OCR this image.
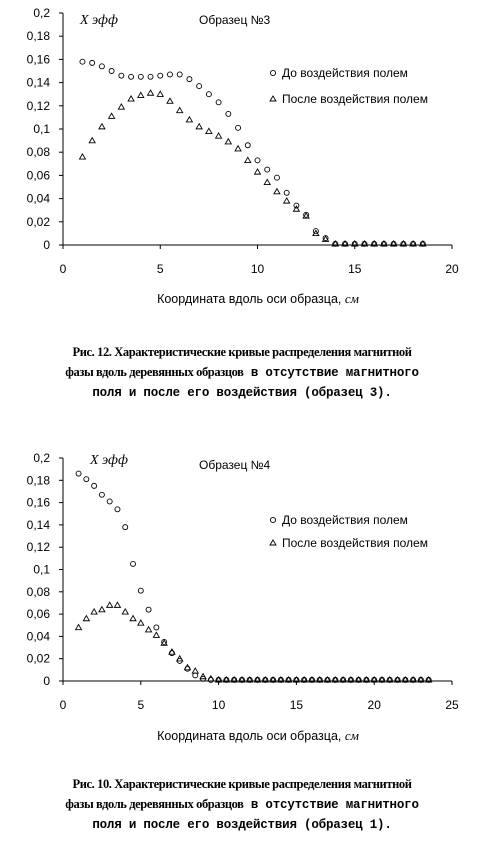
Х эфф	Образец №3
До воздействия полем
После воздействия полем
Координата вдоль оси образца, см
0
0,02
0,04
0,06
0,08
0,1
0,12
0,14
0,16
0,18
0,2
0	5	10	15	20
Рис. 12. Характеристические кривые распределения магнитной
фазы вдоль деревянных образцов в отсутствие магнитного
поля и после его воздействия (образец 3).
Х эфф	Образец №4
До воздействия полем
После воздействия полем
Координата вдоль оси образца, см
0
0,02
0,04
0,06
0,08
0,1
0,12
0,14
0,16
0,18
0,2
0	5	10	15	20	25
Рис. 10. Характеристические кривые распределения магнитной
фазы вдоль деревянных образцов в отсутствие магнитного
поля и после его воздействия (образец 1).
